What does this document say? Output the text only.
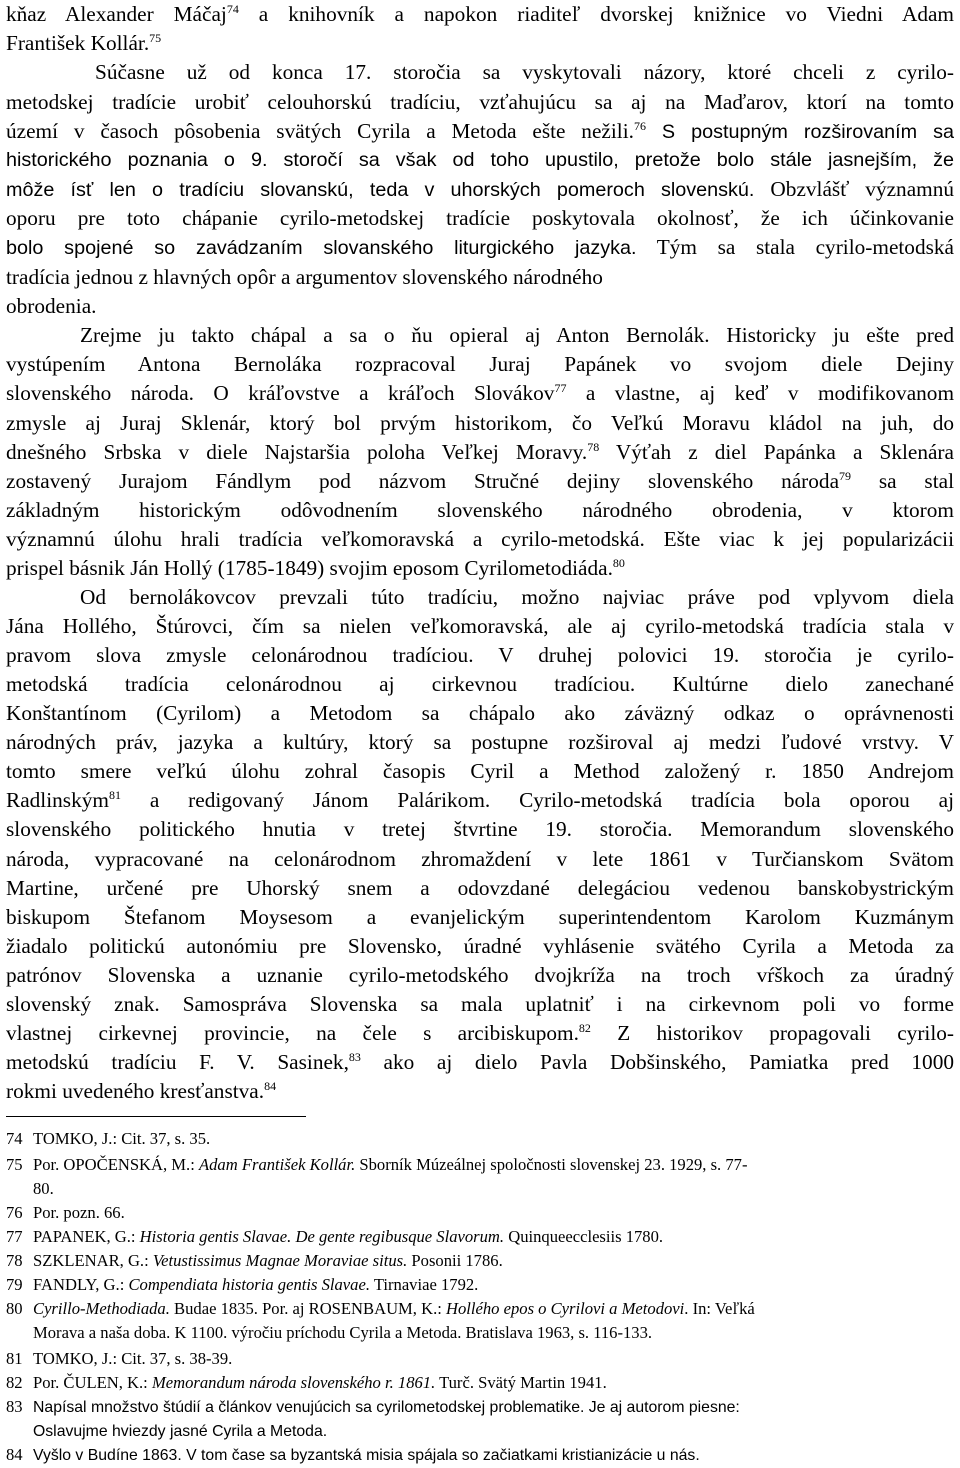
kňaz Alexander Máčaj$^{74}$ a knihovník a napokon riaditeľ dvorskej knižnice vo Viedni Adam
František Kollár.$^{75}$
Súčasne už od konca 17. storočia sa vyskytovali názory, ktoré chceli z cyrilo-
metodskej tradície urobiť celouhorskú tradíciu, vzťahujúcu sa aj na Maďarov, ktorí na tomto
území v časoch pôsobenia svätých Cyrila a Metoda ešte nežili.$^{76}$ S postupným rozširovaním sa
historického poznania o 9. storočí sa však od toho upustilo, pretože bolo stále jasnejším, že
môže ísť len o tradíciu slovanskú, teda v uhorských pomeroch slovenskú. Obzvlášť významnú
oporu pre toto chápanie cyrilo-metodskej tradície poskytovala okolnosť, že ich účinkovanie
bolo spojené so zavádzaním slovanského liturgického jazyka. Tým sa stala cyrilo-metodská
tradícia jednou z hlavných opôr a argumentov slovenského národného
obrodenia.
Zrejme ju takto chápal a sa o ňu opieral aj Anton Bernolák. Historicky ju ešte pred
vystúpením Antona Bernoláka rozpracoval Juraj Papánek vo svojom diele Dejiny
slovenského národa. O kráľovstve a kráľoch Slovákov$^{77}$ a vlastne, aj keď v modifikovanom
zmysle aj Juraj Sklenár, ktorý bol prvým historikom, čo Veľkú Moravu kládol na juh, do
dnešného Srbska v diele Najstaršia poloha Veľkej Moravy.$^{78}$ Výťah z diel Papánka a Sklenára
zostavený Jurajom Fándlym pod názvom Stručné dejiny slovenského národa$^{79}$ sa stal
základným historickým odôvodnením slovenského národného obrodenia, v ktorom
významnú úlohu hrali tradícia veľkomoravská a cyrilo-metodská. Ešte viac k jej popularizácii
prispel básnik Ján Hollý (1785-1849) svojim eposom Cyrilometodiáda.$^{80}$
Od bernolákovcov prevzali túto tradíciu, možno najviac práve pod vplyvom diela
Jána Hollého, Štúrovci, čím sa nielen veľkomoravská, ale aj cyrilo-metodská tradícia stala v
pravom slova zmysle celonárodnou tradíciou. V druhej polovici 19. storočia je cyrilo-
metodská tradícia celonárodnou aj cirkevnou tradíciou. Kultúrne dielo zanechané
Konštantínom (Cyrilom) a Metodom sa chápalo ako záväzný odkaz o oprávnenosti
národných práv, jazyka a kultúry, ktorý sa postupne rozširoval aj medzi ľudové vrstvy. V
tomto smere veľkú úlohu zohral časopis Cyril a Method založený r. 1850 Andrejom
Radlinským$^{81}$ a redigovaný Jánom Palárikom. Cyrilo-metodská tradícia bola oporou aj
slovenského politického hnutia v tretej štvrtine 19. storočia. Memorandum slovenského
národa, vypracované na celonárodnom zhromaždení v lete 1861 v Turčianskom Svätom
Martine, určené pre Uhorský snem a odovzdané delegáciou vedenou banskobystrickým
biskupom Štefanom Moysesom a evanjelickým superintendentom Karolom Kuzmánym
žiadalo politickú autonómiu pre Slovensko, úradné vyhlásenie svätého Cyrila a Metoda za
patrónov Slovenska a uznanie cyrilo-metodského dvojkríža na troch vŕškoch za úradný
slovenský znak. Samospráva Slovenska sa mala uplatniť i na cirkevnom poli vo forme
vlastnej cirkevnej provincie, na čele s arcibiskupom.$^{82}$ Z historikov propagovali cyrilo-
metodskú tradíciu F. V. Sasinek,$^{83}$ ako aj dielo Pavla Dobšinského, Pamiatka pred 1000
rokmi uvedeného kresťanstva.$^{84}$
74 TOMKO, J.: Cit. 37, s. 35.
75 Por. OPOČENSKÁ, M.: Adam František Kollár. Sborník Múzeálnej spoločnosti slovenskej 23. 1929, s. 77-
80.
76 Por. pozn. 66.
77 PAPANEK, G.: Historia gentis Slavae. De gente regibusque Slavorum. Quinqueecclesiis 1780.
78 SZKLENAR, G.: Vetustissimus Magnae Moraviae situs. Posonii 1786.
79 FANDLY, G.: Compendiata historia gentis Slavae. Tirnaviae 1792.
80 Cyrillo-Methodiada. Budae 1835. Por. aj ROSENBAUM, K.: Hollého epos o Cyrilovi a Metodovi. In: Veľká
Morava a naša doba. K 1100. výročiu príchodu Cyrila a Metoda. Bratislava 1963, s. 116-133.
81 TOMKO, J.: Cit. 37, s. 38-39.
82 Por. ČULEN, K.: Memorandum národa slovenského r. 1861. Turč. Svätý Martin 1941.
83 Napísal množstvo štúdií a článkov venujúcich sa cyrilometodskej problematike. Je aj autorom piesne:
Oslavujme hviezdy jasné Cyrila a Metoda.
84 Vyšlo v Budíne 1863. V tom čase sa byzantská misia spájala so začiatkami kristianizácie u nás.
